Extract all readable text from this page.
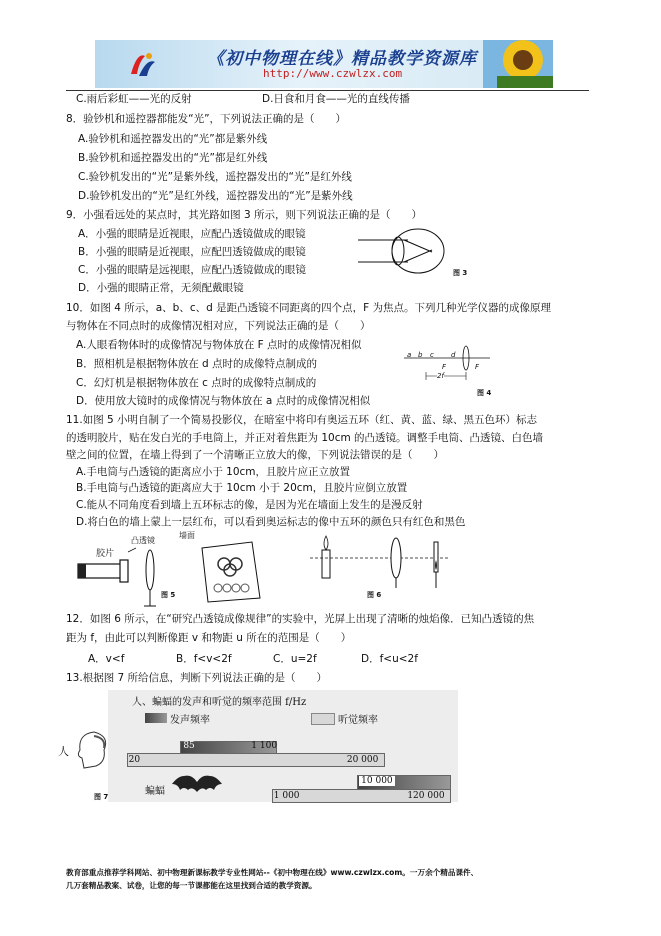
《初中物理在线》精品教学资源库
http://www.czwlzx.com
C.雨后彩虹——光的反射	D.日食和月食——光的直线传播
8．验钞机和遥控器都能发“光”，下列说法正确的是（　　）
A.验钞机和遥控器发出的“光”都是紫外线
B.验钞机和遥控器发出的“光”都是红外线
C.验钞机发出的“光”是紫外线，遥控器发出的“光”是红外线
D.验钞机发出的“光”是红外线，遥控器发出的“光”是紫外线
9．小强看远处的某点时，其光路如图 3 所示，则下列说法正确的是（　　）
A．小强的眼睛是近视眼，应配凸透镜做成的眼镜
B．小强的眼睛是近视眼，应配凹透镜做成的眼镜
C．小强的眼睛是远视眼，应配凸透镜做成的眼镜
D．小强的眼睛正常，无须配戴眼镜
图 3
10．如图 4 所示，a、b、c、d 是距凸透镜不同距离的四个点，F 为焦点。下列几种光学仪器的成像原理
与物体在不同点时的成像情况相对应，下列说法正确的是（　　）
A.人眼看物体时的成像情况与物体放在 F 点时的成像情况相似
B．照相机是根据物体放在 d 点时的成像特点制成的
C．幻灯机是根据物体放在 c 点时的成像特点制成的
D．使用放大镜时的成像情况与物体放在 a 点时的成像情况相似
a b c d
F	F
2f
图 4
11.如图 5 小明自制了一个简易投影仪，在暗室中将印有奥运五环（红、黄、蓝、绿、黑五色环）标志
的透明胶片，贴在发白光的手电筒上，并正对着焦距为 10cm 的凸透镜。调整手电筒、凸透镜、白色墙
壁之间的位置，在墙上得到了一个清晰正立放大的像，下列说法错误的是（　　）
A.手电筒与凸透镜的距离应小于 10cm，且胶片应正立放置
B.手电筒与凸透镜的距离应大于 10cm 小于 20cm，且胶片应倒立放置
C.能从不同角度看到墙上五环标志的像，是因为光在墙面上发生的是漫反射
D.将白色的墙上蒙上一层红布，可以看到奥运标志的像中五环的颜色只有红色和黑色
胶片
凸透镜
墙面
图 5	图 6
12．如图 6 所示，在“研究凸透镜成像规律”的实验中，光屏上出现了清晰的烛焰像．已知凸透镜的焦
距为 f，由此可以判断像距 v 和物距 u 所在的范围是（　　）
A．v<f	B．f<v<2f	C．u=2f	D．f<u<2f
13.根据图 7 所给信息，判断下列说法正确的是（　　）
人、蝙蝠的发声和听觉的频率范围 f/Hz
发声频率	听觉频率
人	85	1 100
20	20 000
10 000
1 000	120 000
蝙蝠
图 7
教育部重点推荐学科网站、初中物理新课标教学专业性网站--《初中物理在线》www.czwlzx.com。一万余个精品课件、
几万套精品教案、试卷，让您的每一节课都能在这里找到合适的教学资源。
